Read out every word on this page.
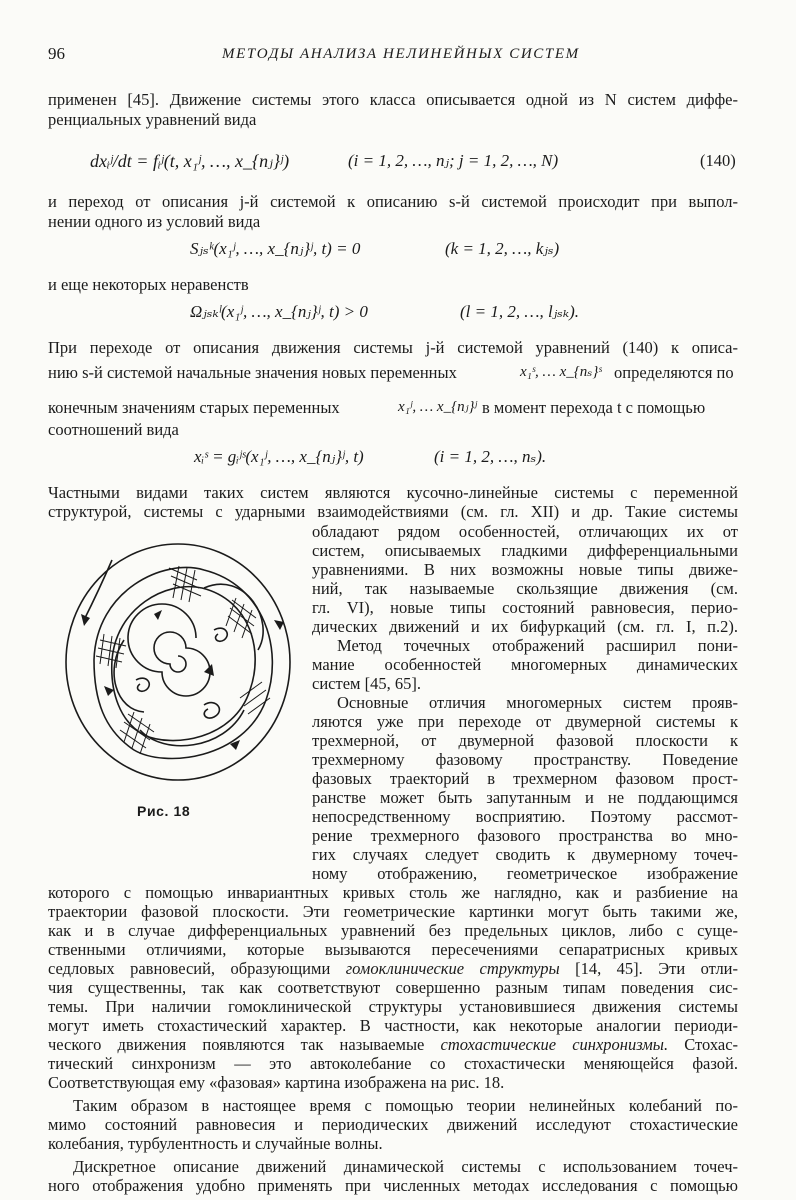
96	МЕТОДЫ АНАЛИЗА НЕЛИНЕЙНЫХ СИСТЕМ
применен [45]. Движение системы этого класса описывается одной из N систем диффе-
ренциальных уравнений вида
dxᵢʲ/dt = fᵢʲ(t, x₁ʲ, …, x_{nⱼ}ʲ)	(i = 1, 2, …, nⱼ; j = 1, 2, …, N)	(140)
и переход от описания j-й системой к описанию s-й системой происходит при выпол-
нении одного из условий вида
Sⱼₛᵏ(x₁ʲ, …, x_{nⱼ}ʲ, t) = 0	(k = 1, 2, …, kⱼₛ)
и еще некоторых неравенств
Ωⱼₛₖˡ(x₁ʲ, …, x_{nⱼ}ʲ, t) > 0	(l = 1, 2, …, lⱼₛₖ).
При переходе от описания движения системы j-й системой уравнений (140) к описа-
нию s-й системой начальные значения новых переменных	x₁ˢ, … x_{nₛ}ˢ определяются по
конечным значениям старых переменных	x₁ʲ, … x_{nⱼ}ʲ в момент перехода t с помощью
соотношений вида
xᵢˢ = gᵢʲˢ(x₁ʲ, …, x_{nⱼ}ʲ, t)	(i = 1, 2, …, nₛ).
Частными видами таких систем являются кусочно-линейные системы с переменной
структурой, системы с ударными взаимодействиями (см. гл. XII) и др. Такие системы
Рис. 18
обладают рядом особенностей, отличающих их от
систем, описываемых гладкими дифференциальными
уравнениями. В них возможны новые типы движе-
ний, так называемые скользящие движения (см.
гл. VI), новые типы состояний равновесия, перио-
дических движений и их бифуркаций (см. гл. I, п.2).
Метод точечных отображений расширил пони-
мание особенностей многомерных динамических
систем [45, 65].
Основные отличия многомерных систем прояв-
ляются уже при переходе от двумерной системы к
трехмерной, от двумерной фазовой плоскости к
трехмерному фазовому пространству. Поведение
фазовых траекторий в трехмерном фазовом прост-
ранстве может быть запутанным и не поддающимся
непосредственному восприятию. Поэтому рассмот-
рение трехмерного фазового пространства во мно-
гих случаях следует сводить к двумерному точеч-
ному отображению, геометрическое изображение
которого с помощью инвариантных кривых столь же наглядно, как и разбиение на
траектории фазовой плоскости. Эти геометрические картинки могут быть такими же,
как и в случае дифференциальных уравнений без предельных циклов, либо с суще-
ственными отличиями, которые вызываются пересечениями сепаратрисных кривых
седловых равновесий, образующими гомоклинические структуры [14, 45]. Эти отли-
чия существенны, так как соответствуют совершенно разным типам поведения сис-
темы. При наличии гомоклинической структуры установившиеся движения системы
могут иметь стохастический характер. В частности, как некоторые аналогии периоди-
ческого движения появляются так называемые стохастические синхронизмы. Стохас-
тический синхронизм — это автоколебание со стохастически меняющейся фазой.
Соответствующая ему «фазовая» картина изображена на рис. 18.
Таким образом в настоящее время с помощью теории нелинейных колебаний по-
мимо состояний равновесия и периодических движений исследуют стохастические
колебания, турбулентность и случайные волны.
Дискретное описание движений динамической системы с использованием точеч-
ного отображения удобно применять при численных методах исследования с помощью
